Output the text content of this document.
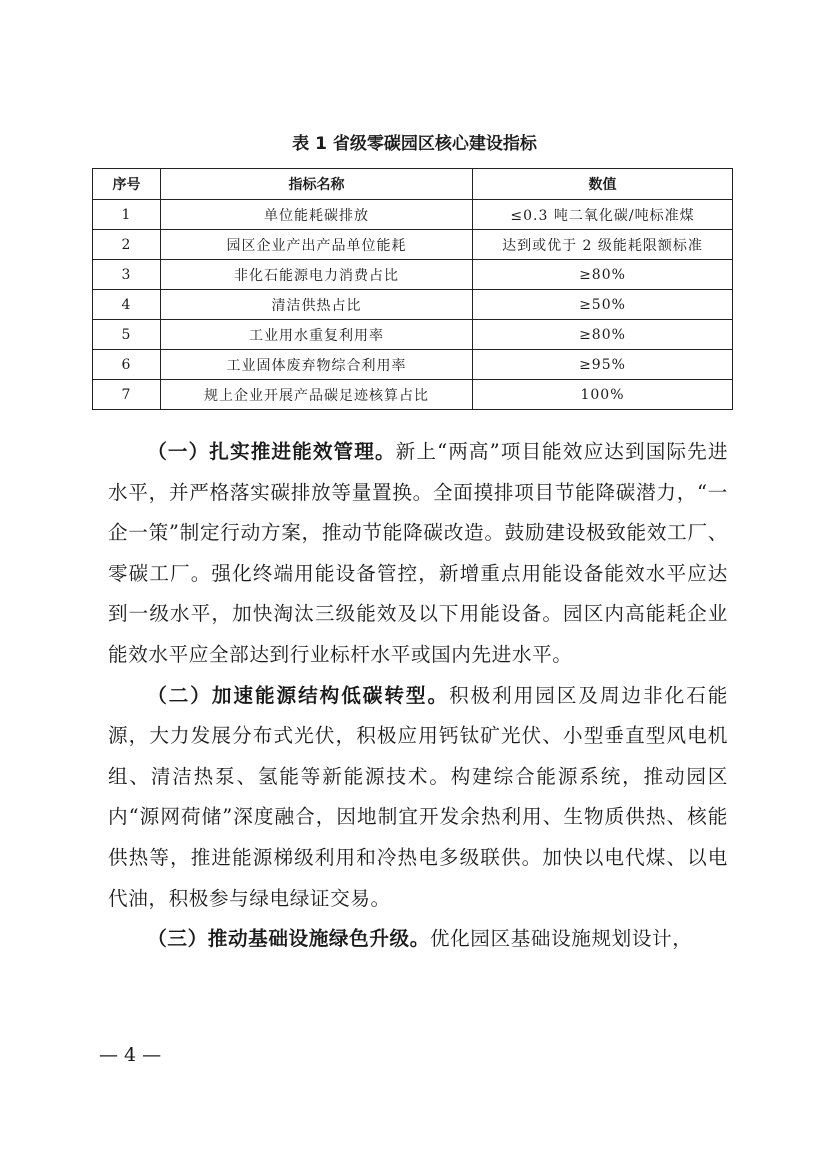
表 1 省级零碳园区核心建设指标
序号	指标名称	数值
1	单位能耗碳排放	≤0.3 吨二氧化碳/吨标准煤
2	园区企业产出产品单位能耗	达到或优于 2 级能耗限额标准
3	非化石能源电力消费占比	≥80%
4	清洁供热占比	≥50%
5	工业用水重复利用率	≥80%
6	工业固体废弃物综合利用率	≥95%
7	规上企业开展产品碳足迹核算占比	100%

（一）扎实推进能效管理。新上“两高”项目能效应达到国际先进水平，并严格落实碳排放等量置换。全面摸排项目节能降碳潜力，“一企一策”制定行动方案，推动节能降碳改造。鼓励建设极致能效工厂、零碳工厂。强化终端用能设备管控，新增重点用能设备能效水平应达到一级水平，加快淘汰三级能效及以下用能设备。园区内高能耗企业能效水平应全部达到行业标杆水平或国内先进水平。

（二）加速能源结构低碳转型。积极利用园区及周边非化石能源，大力发展分布式光伏，积极应用钙钛矿光伏、小型垂直型风电机组、清洁热泵、氢能等新能源技术。构建综合能源系统，推动园区内“源网荷储”深度融合，因地制宜开发余热利用、生物质供热、核能供热等，推进能源梯级利用和冷热电多级联供。加快以电代煤、以电代油，积极参与绿电绿证交易。

（三）推动基础设施绿色升级。优化园区基础设施规划设计，

— 4 —
